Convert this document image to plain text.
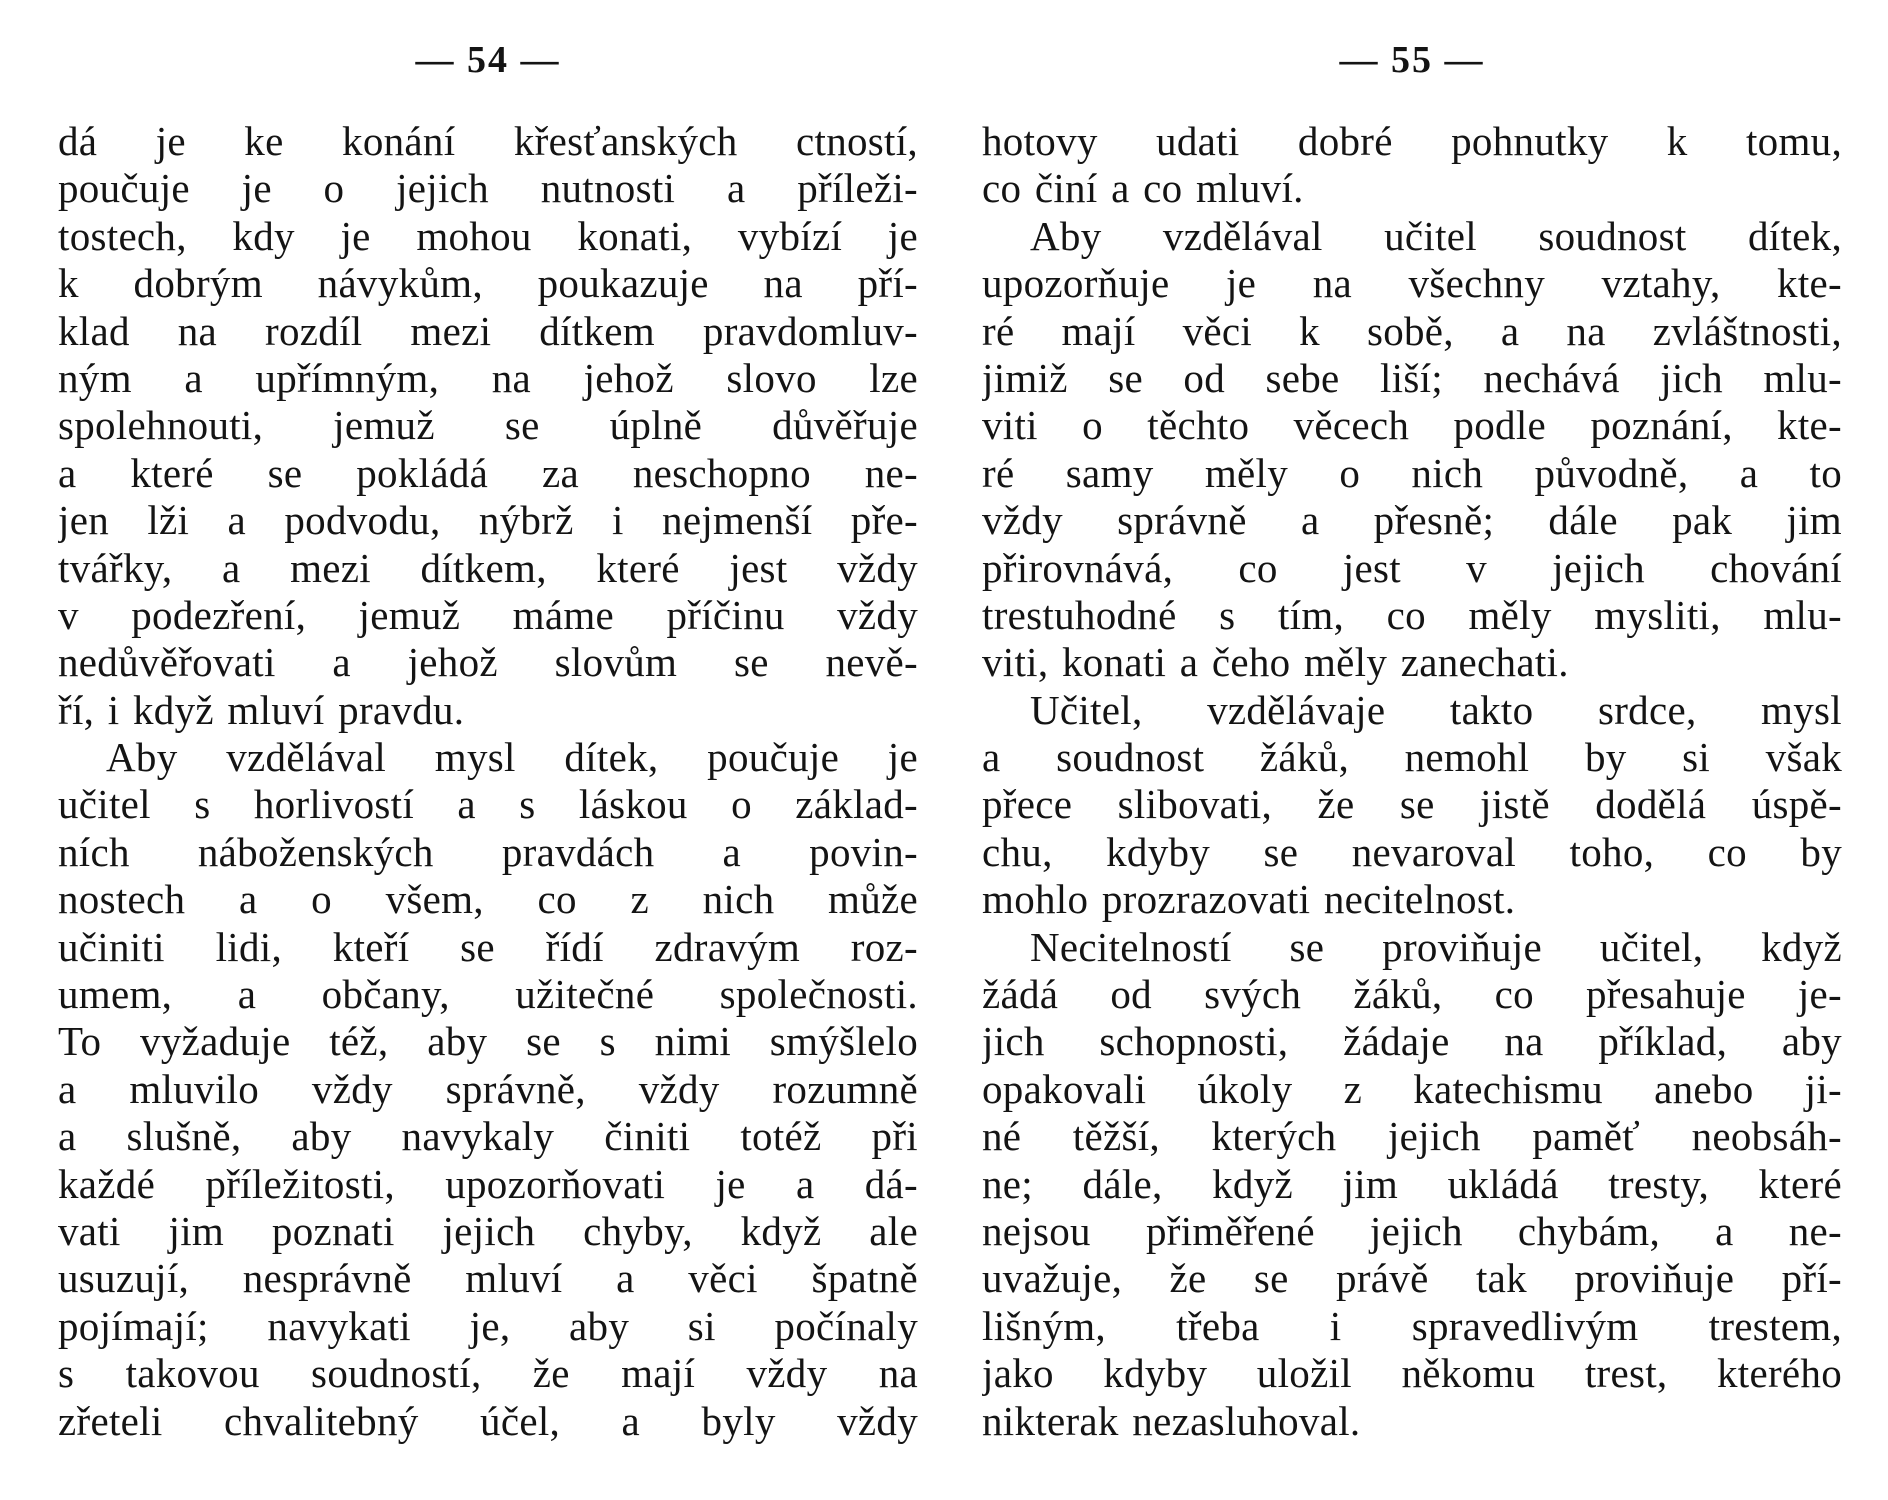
— 54 —
dá je ke konání křesťanských ctností,
poučuje je o jejich nutnosti a příleži-
tostech, kdy je mohou konati, vybízí je
k dobrým návykům, poukazuje na pří-
klad na rozdíl mezi dítkem pravdomluv-
ným a upřímným, na jehož slovo lze
spolehnouti, jemuž se úplně důvěřuje
a které se pokládá za neschopno ne-
jen lži a podvodu, nýbrž i nejmenší pře-
tvářky, a mezi dítkem, které jest vždy
v podezření, jemuž máme příčinu vždy
nedůvěřovati a jehož slovům se nevě-
ří, i když mluví pravdu.
Aby vzdělával mysl dítek, poučuje je
učitel s horlivostí a s láskou o základ-
ních náboženských pravdách a povin-
nostech a o všem, co z nich může
učiniti lidi, kteří se řídí zdravým roz-
umem, a občany, užitečné společnosti.
To vyžaduje též, aby se s nimi smýšlelo
a mluvilo vždy správně, vždy rozumně
a slušně, aby navykaly činiti totéž při
každé příležitosti, upozorňovati je a dá-
vati jim poznati jejich chyby, když ale
usuzují, nesprávně mluví a věci špatně
pojímají; navykati je, aby si počínaly
s takovou soudností, že mají vždy na
zřeteli chvalitebný účel, a byly vždy
— 55 —
hotovy udati dobré pohnutky k tomu,
co činí a co mluví.
Aby vzdělával učitel soudnost dítek,
upozorňuje je na všechny vztahy, kte-
ré mají věci k sobě, a na zvláštnosti,
jimiž se od sebe liší; nechává jich mlu-
viti o těchto věcech podle poznání, kte-
ré samy měly o nich původně, a to
vždy správně a přesně; dále pak jim
přirovnává, co jest v jejich chování
trestuhodné s tím, co měly mysliti, mlu-
viti, konati a čeho měly zanechati.
Učitel, vzdělávaje takto srdce, mysl
a soudnost žáků, nemohl by si však
přece slibovati, že se jistě dodělá úspě-
chu, kdyby se nevaroval toho, co by
mohlo prozrazovati necitelnost.
Necitelností se proviňuje učitel, když
žádá od svých žáků, co přesahuje je-
jich schopnosti, žádaje na příklad, aby
opakovali úkoly z katechismu anebo ji-
né těžší, kterých jejich paměť neobsáh-
ne; dále, když jim ukládá tresty, které
nejsou přiměřené jejich chybám, a ne-
uvažuje, že se právě tak proviňuje pří-
lišným, třeba i spravedlivým trestem,
jako kdyby uložil někomu trest, kterého
nikterak nezasluhoval.
